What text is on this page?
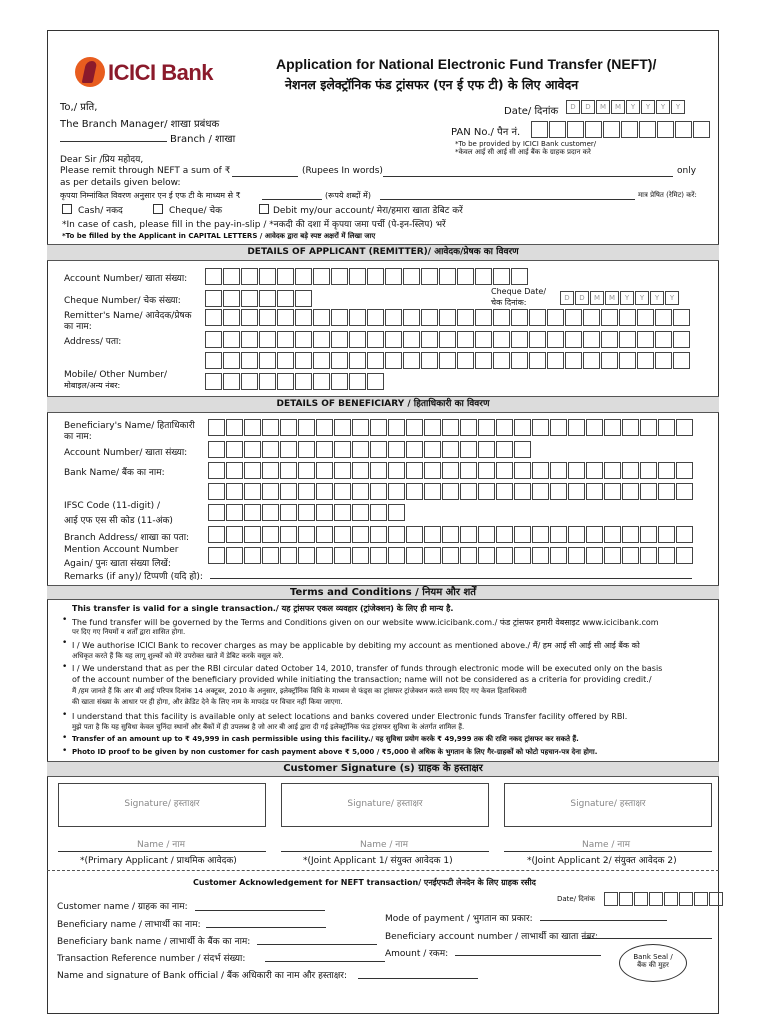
ICICI Bank	Application for National Electronic Fund Transfer (NEFT)/
नेशनल इलेक्ट्रॉनिक फंड ट्रांसफर (एन ई एफ टी) के लिए आवेदन
To,/ प्रति,
The Branch Manager/ शाखा प्रबंधक
Branch / शाखा
Date/ दिनांक	D	D	M	M	Y	Y	Y	Y
PAN No./ पैन नं.
*To be provided by ICICI Bank customer/
*केवल आई सी आई सी आई बैंक के ग्राहक प्रदान करे
Dear Sir /प्रिय महोदय,
Please remit through NEFT a sum of ₹	(Rupees In words)	only
as per details given below:
कृपया निम्नांकित विवरण अनुसार एन ई एफ टी के माध्यम से ₹	(रूपये शब्दों में)	मात्र प्रेषित (रेमिट) करें:
Cash/ नकद	Cheque/ चेक	Debit my/our account/ मेरा/हमारा खाता डेबिट करें
*In case of cash, please fill in the pay-in-slip / *नकदी की दशा में कृपया जमा पर्ची (पे-इन-स्लिप) भरें
*To be filled by the Applicant in CAPITAL LETTERS / आवेदक द्वारा बड़े स्पष्ट अक्षरों में लिखा जाए
DETAILS OF APPLICANT (REMITTER)/ आवेदक/प्रेषक का विवरण
Account Number/ खाता संख्या:
Cheque Number/ चेक संख्या:
Cheque Date/
चेक दिनांक:	D	D	M	M	Y	Y	Y	Y
Remitter's Name/ आवेदक/प्रेषक
का नाम:
Address/ पता:
Mobile/ Other Number/
मोबाइल/अन्य नंबर:
DETAILS OF BENEFICIARY / हिताधिकारी का विवरण
Beneficiary's Name/ हिताधिकारी
का नाम:
Account Number/ खाता संख्या:
Bank Name/ बैंक का नाम:
IFSC Code (11-digit) /
आई एफ एस सी कोड (11-अंक)
Branch Address/ शाखा का पता:
Mention Account Number
Again/ पुनः खाता संख्या लिखें:
Remarks (if any)/ टिप्पणी (यदि हो):
Terms and Conditions / नियम और शर्तें
This transfer is valid for a single transaction./ यह ट्रांसफर एकल व्यवहार (ट्रांजेक्शन) के लिए ही मान्य है.
• The fund transfer will be governed by the Terms and Conditions given on our website www.icicibank.com./ फंड ट्रांसफर हमारी वेबसाइट www.icicibank.com
पर दिए गए नियमों व शर्तों द्वारा शासित होगा.
• I / We authorise ICICI Bank to recover charges as may be applicable by debiting my account as mentioned above./ मैं/ हम आई सी आई सी आई बैंक को
अधिकृत करते हैं कि यह लागू शुल्कों को मेरे उपरोक्त खाते में डेबिट करके वसूल करे.
• I / We understand that as per the RBI circular dated October 14, 2010, transfer of funds through electronic mode will be executed only on the basis
of the account number of the beneficiary provided while initiating the transaction; name will not be considered as a criteria for providing credit./
मैं /हम जानते हैं कि आर बी आई परिपत्र दिनांक 14 अक्टूबर, 2010 के अनुसार, इलेक्ट्रॉनिक विधि के माध्यम से फंड्स का ट्रांसफर ट्रांजेक्शन करते समय दिए गए केवल हिताधिकारी
की खाता संख्या के आधार पर ही होगा, और क्रेडिट देने के लिए नाम के मापदंड पर विचार नहीं किया जाएगा.
• I understand that this facility is available only at select locations and banks covered under Electronic funds Transfer facility offered by RBI.
मुझे पता है कि यह सुविधा केवल चुनिंदा स्थानों और बैंकों में ही उपलब्ध है जो आर बी आई द्वारा दी गई इलेक्ट्रॉनिक फंड ट्रांसफर सुविधा के अंतर्गत शामिल हैं.
• Transfer of an amount up to ₹ 49,999 in cash permissible using this facility./ यह सुविधा प्रयोग करके ₹ 49,999 तक की राशि नकद ट्रांसफर कर सकते हैं.
• Photo ID proof to be given by non customer for cash payment above ₹ 5,000 / ₹5,000 से अधिक के भुगतान के लिए गैर-ग्राहकों को फोटो पहचान-पत्र देना होगा.
Customer Signature (s) ग्राहक के हस्ताक्षर
Signature/ हस्ताक्षर	Signature/ हस्ताक्षर	Signature/ हस्ताक्षर
Name / नाम	Name / नाम	Name / नाम
*(Primary Applicant / प्राथमिक आवेदक)	*(Joint Applicant 1/ संयुक्त आवेदक 1)	*(Joint Applicant 2/ संयुक्त आवेदक 2)
Customer Acknowledgement for NEFT transaction/ एनईएफटी लेनदेन के लिए ग्राहक रसीद
Date/ दिनांक
Customer name / ग्राहक का नाम:
Beneficiary name / लाभार्थी का नाम:
Beneficiary bank name / लाभार्थी के बैंक का नाम:
Transaction Reference number / संदर्भ संख्या:
Name and signature of Bank official / बैंक अधिकारी का नाम और हस्ताक्षर:
Mode of payment / भुगतान का प्रकार:
Beneficiary account number / लाभार्थी का खाता नंबर:
Amount / रकम:	Bank Seal /
बैंक की मुहर
